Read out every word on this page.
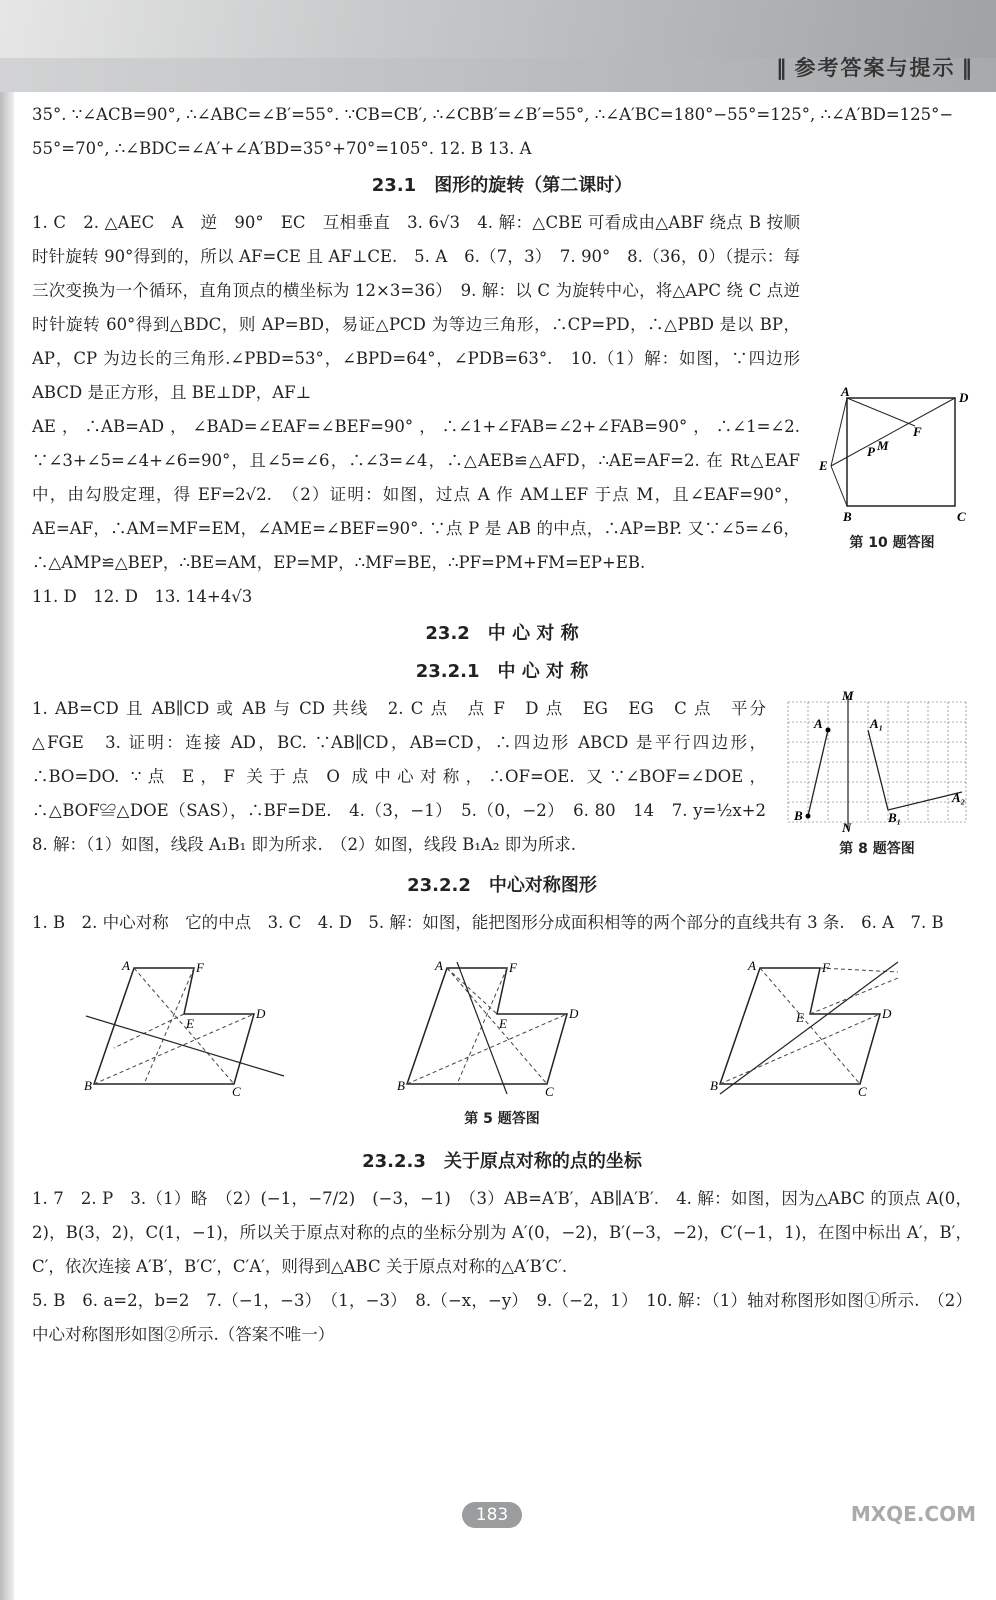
‖ 参考答案与提示 ‖

35°. ∵∠ACB=90°, ∴∠ABC=∠B′=55°. ∵CB=CB′, ∴∠CBB′=∠B′=55°, ∴∠A′BC=180°−55°=125°, ∴∠A′BD=125°−

55°=70°, ∴∠BDC=∠A′+∠A′BD=35°+70°=105°. 12. B 13. A

23.1　图形的旋转（第二课时）

1. C　2. △AEC　A　逆　90°　EC　互相垂直　3. 6√3　4. 解：△CBE 可看成由△ABF 绕点 B 按顺时针旋转 90°得到的，所以 AF=CE 且 AF⊥CE.　5. A　6.（7，3）　7. 90°　8.（36，0）（提示：每三次变换为一个循环，直角顶点的横坐标为 12×3=36）　9. 解：以 C 为旋转中心，将△APC 绕 C 点逆时针旋转 60°得到△BDC，则 AP=BD，易证△PCD 为等边三角形，∴CP=PD，∴△PBD 是以 BP，AP，CP 为边长的三角形.∠PBD=53°，∠BPD=64°，∠PDB=63°.　10.（1）解：如图，∵四边形 ABCD 是正方形，且 BE⊥DP，AF⊥

AE，∴AB=AD，∠BAD=∠EAF=∠BEF=90°，∴∠1+∠FAB=∠2+∠FAB=90°，∴∠1=∠2. ∵∠3+∠5=∠4+∠6=90°，且∠5=∠6，∴∠3=∠4，∴△AEB≌△AFD，∴AE=AF=2. 在 Rt△EAF 中，由勾股定理，得 EF=2√2.　（2）证明：如图，过点 A 作 AM⊥EF 于点 M，且∠EAF=90°，AE=AF，∴AM=MF=EM，∠AME=∠BEF=90°. ∵点 P 是 AB 的中点，∴AP=BP. 又∵∠5=∠6，∴△AMP≌△BEP，∴BE=AM，EP=MP，∴MF=BE，∴PF=PM+FM=EP+EB.

A	D
B	C
E
F
P M
第 10 题答图

11. D　12. D　13. 14+4√3

23.2　中 心 对 称
23.2.1　中 心 对 称

1. AB=CD 且 AB∥CD 或 AB 与 CD 共线　2. C 点　点 F　D 点　EG　EG　C 点　平分　△FGE　3. 证明：连接 AD，BC. ∵AB∥CD，AB=CD，∴四边形 ABCD 是平行四边形，∴BO=DO. ∵点 E，F 关于点 O 成中心对称，∴OF=OE. 又∵∠BOF=∠DOE，∴△BOF≌△DOE（SAS），∴BF=DE.　4.（3，−1）　5.（0，−2）　6. 80　14　7. y=½x+2　8. 解：（1）如图，线段 A₁B₁ 即为所求.　（2）如图，线段 B₁A₂ 即为所求.

M
N
B
A	A₁
B₁
A₂
第 8 题答图
23.2.2　中心对称图形

1. B　2. 中心对称　它的中点　3. C　4. D　5. 解：如图，能把图形分成面积相等的两个部分的直线共有 3 条.　6. A　7. B

A	F
E
D
B	C
A	F
E
D
B	C
A	F
E	D
B	C
第 5 题答图
23.2.3　关于原点对称的点的坐标

1. 7　2. P　3.（1）略　（2）(−1，−7/2)　(−3，−1)　（3）AB=A′B′，AB∥A′B′.　4. 解：如图，因为△ABC 的顶点 A(0，2)，B(3，2)，C(1，−1)，所以关于原点对称的点的坐标分别为 A′(0，−2)，B′(−3，−2)，C′(−1，1)，在图中标出 A′，B′，C′，依次连接 A′B′，B′C′，C′A′，则得到△ABC 关于原点对称的△A′B′C′.

5. B　6. a=2，b=2　7.（−1，−3）　（1，−3）　8.（−x，−y）　9.（−2，1）　10. 解：（1）轴对称图形如图①所示.　（2）中心对称图形如图②所示.（答案不唯一）

183	MXQE.COM
